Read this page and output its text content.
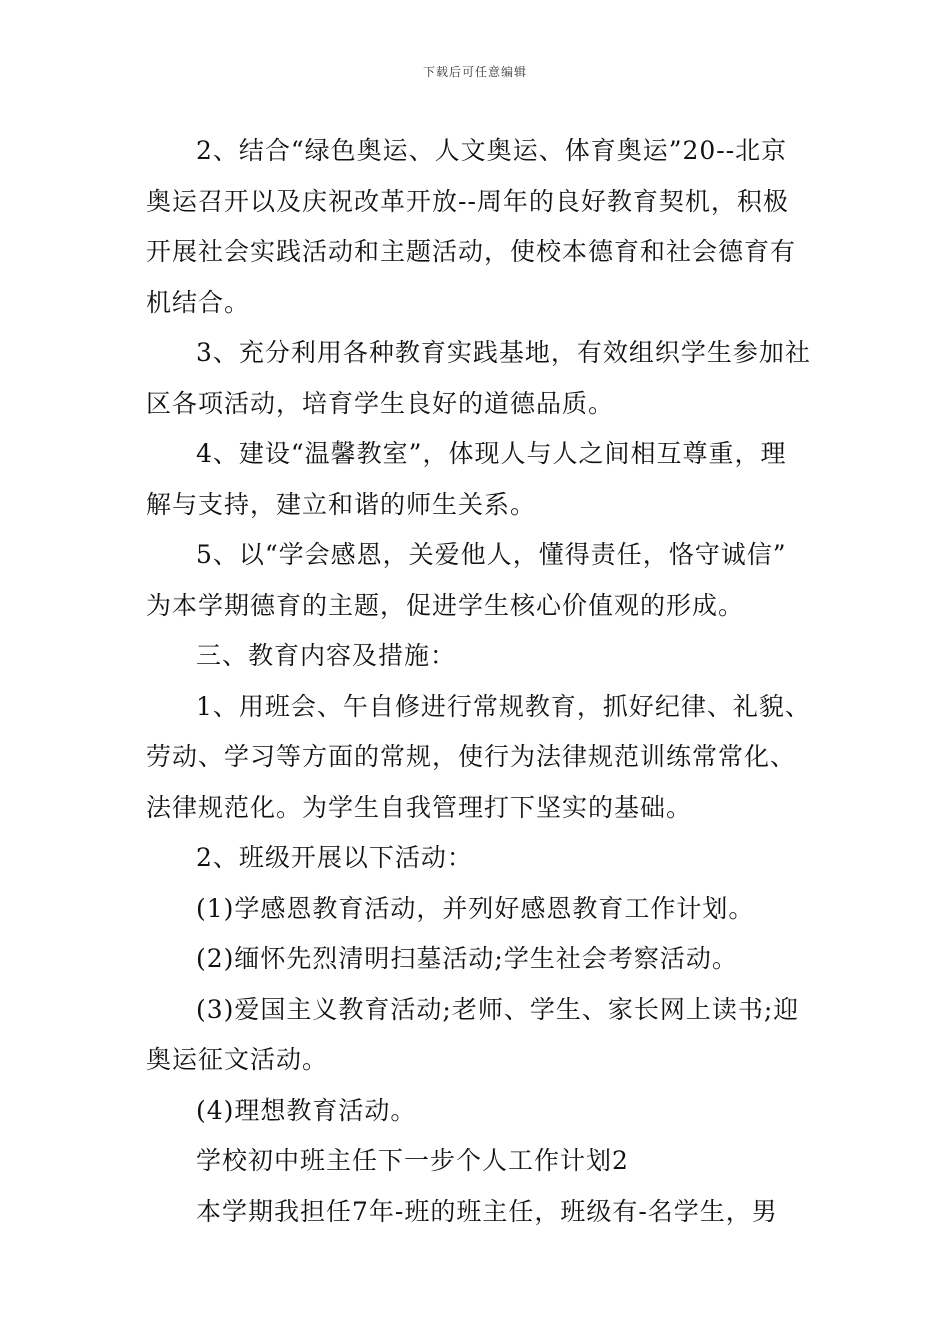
下载后可任意编辑
2、结合“绿色奥运、人文奥运、体育奥运”20--北京
奥运召开以及庆祝改革开放--周年的良好教育契机，积极
开展社会实践活动和主题活动，使校本德育和社会德育有
机结合。
3、充分利用各种教育实践基地，有效组织学生参加社
区各项活动，培育学生良好的道德品质。
4、建设“温馨教室”，体现人与人之间相互尊重，理
解与支持，建立和谐的师生关系。
5、以“学会感恩，关爱他人，懂得责任，恪守诚信”
为本学期德育的主题，促进学生核心价值观的形成。
三、教育内容及措施：
1、用班会、午自修进行常规教育，抓好纪律、礼貌、
劳动、学习等方面的常规，使行为法律规范训练常常化、
法律规范化。为学生自我管理打下坚实的基础。
2、班级开展以下活动：
(1)学感恩教育活动，并列好感恩教育工作计划。
(2)缅怀先烈清明扫墓活动;学生社会考察活动。
(3)爱国主义教育活动;老师、学生、家长网上读书;迎
奥运征文活动。
(4)理想教育活动。
学校初中班主任下一步个人工作计划2
本学期我担任7年-班的班主任，班级有-名学生，男
